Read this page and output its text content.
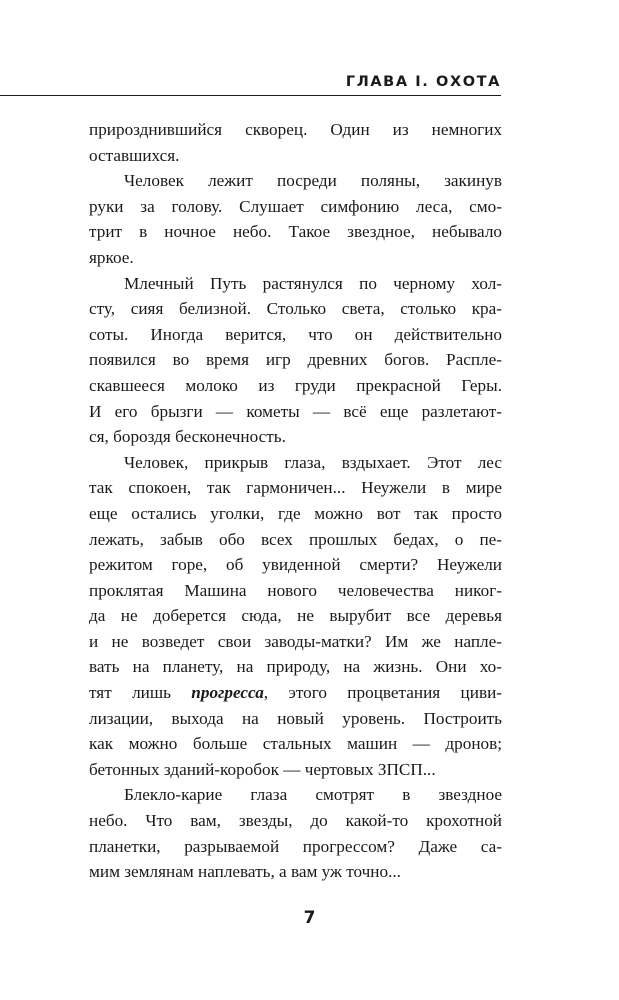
ГЛАВА I. ОХОТА
приpозднившийся скворец. Один из немногих
оставшихся.
Человек лежит посреди поляны, закинув
руки за голову. Слушает симфонию леса, смо-
трит в ночное небо. Такое звездное, небывало
яркое.
Млечный Путь растянулся по черному хол-
сту, сияя белизной. Столько света, столько кра-
соты. Иногда верится, что он действительно
появился во время игр древних богов. Распле-
скавшееся молоко из груди прекрасной Геры.
И его брызги — кометы — всё еще разлетают-
ся, бороздя бесконечность.
Человек, прикрыв глаза, вздыхает. Этот лес
так спокоен, так гармоничен... Неужели в мире
еще остались уголки, где можно вот так просто
лежать, забыв обо всех прошлых бедах, о пе-
режитом горе, об увиденной смерти? Неужели
проклятая Машина нового человечества никог-
да не доберется сюда, не вырубит все деревья
и не возведет свои заводы-матки? Им же напле-
вать на планету, на природу, на жизнь. Они хо-
тят лишь прогресса, этого процветания циви-
лизации, выхода на новый уровень. Построить
как можно больше стальных машин — дронов;
бетонных зданий-коробок — чертовых ЗПСП...
Блекло-карие глаза смотрят в звездное
небо. Что вам, звезды, до какой-то крохотной
планетки, разрываемой прогрессом? Даже са-
мим землянам наплевать, а вам уж точно...
7
